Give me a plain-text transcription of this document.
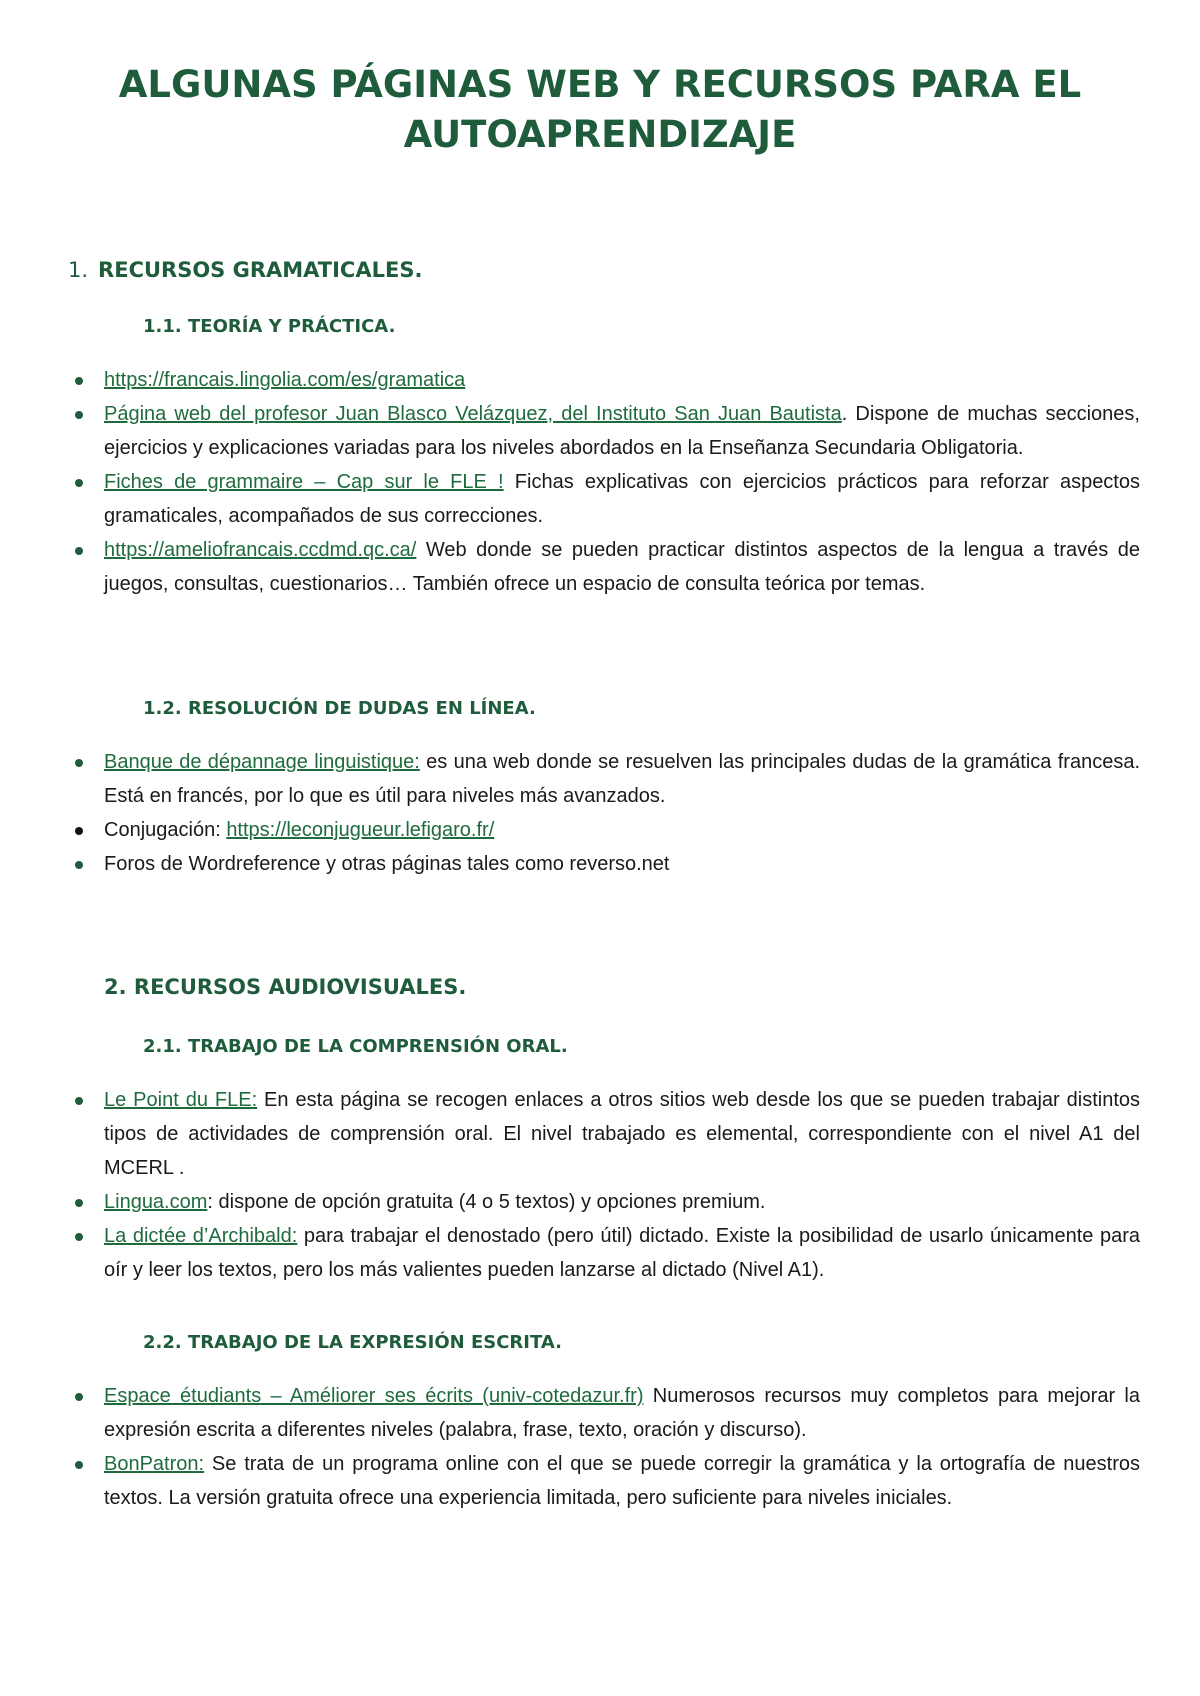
ALGUNAS PÁGINAS WEB Y RECURSOS PARA EL AUTOAPRENDIZAJE
1. RECURSOS GRAMATICALES.
1.1. TEORÍA Y PRÁCTICA.
https://francais.lingolia.com/es/gramatica
Página web del profesor Juan Blasco Velázquez, del Instituto San Juan Bautista. Dispone de muchas secciones, ejercicios y explicaciones variadas para los niveles abordados en la Enseñanza Secundaria Obligatoria.
Fiches de grammaire – Cap sur le FLE ! Fichas explicativas con ejercicios prácticos para reforzar aspectos gramaticales, acompañados de sus correcciones.
https://ameliofrancais.ccdmd.qc.ca/ Web donde se pueden practicar distintos aspectos de la lengua a través de juegos, consultas, cuestionarios… También ofrece un espacio de consulta teórica por temas.
1.2. RESOLUCIÓN DE DUDAS EN LÍNEA.
Banque de dépannage linguistique: es una web donde se resuelven las principales dudas de la gramática francesa. Está en francés, por lo que es útil para niveles más avanzados.
Conjugación: https://leconjugueur.lefigaro.fr/
Foros de Wordreference y otras páginas tales como reverso.net
2. RECURSOS AUDIOVISUALES.
2.1. TRABAJO DE LA COMPRENSIÓN ORAL.
Le Point du FLE: En esta página se recogen enlaces a otros sitios web desde los que se pueden trabajar distintos tipos de actividades de comprensión oral. El nivel trabajado es elemental, correspondiente con el nivel A1 del MCERL .
Lingua.com: dispone de opción gratuita (4 o 5 textos) y opciones premium.
La dictée d’Archibald: para trabajar el denostado (pero útil) dictado. Existe la posibilidad de usarlo únicamente para oír y leer los textos, pero los más valientes pueden lanzarse al dictado (Nivel A1).
2.2. TRABAJO DE LA EXPRESIÓN ESCRITA.
Espace étudiants – Améliorer ses écrits (univ-cotedazur.fr) Numerosos recursos muy completos para mejorar la expresión escrita a diferentes niveles (palabra, frase, texto, oración y discurso).
BonPatron: Se trata de un programa online con el que se puede corregir la gramática y la ortografía de nuestros textos. La versión gratuita ofrece una experiencia limitada, pero suficiente para niveles iniciales.
